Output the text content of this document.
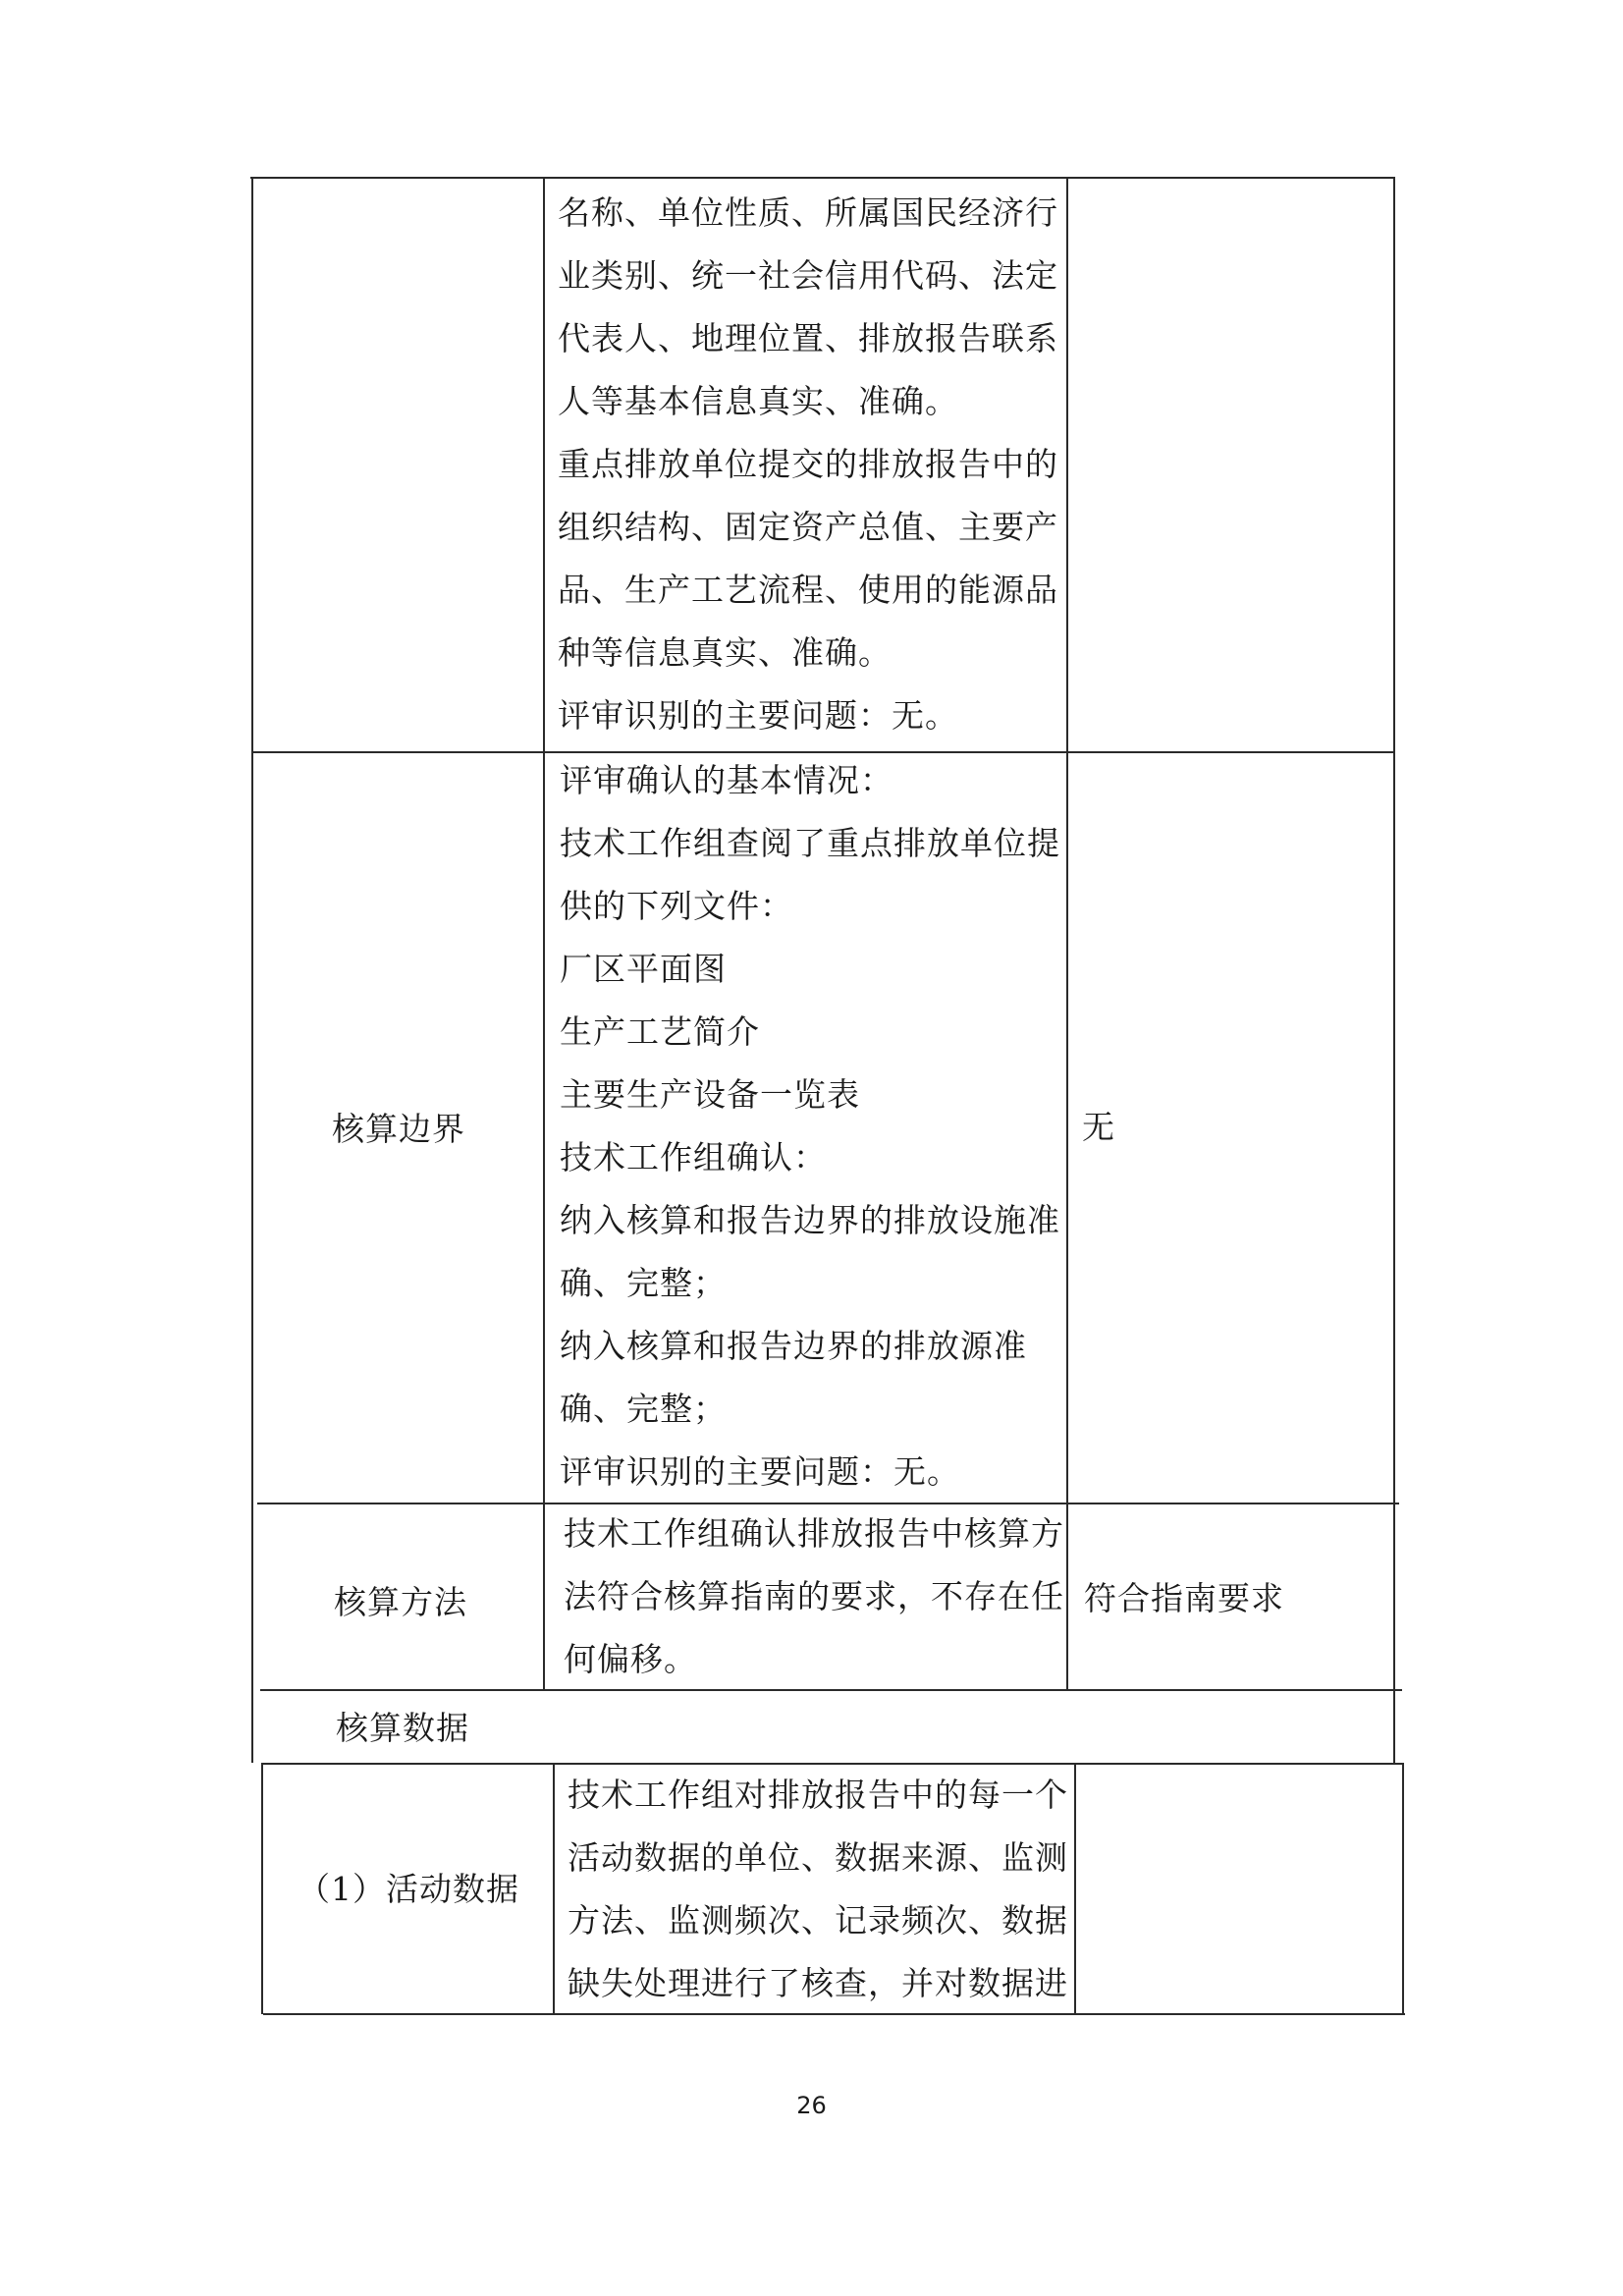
名称、单位性质、所属国民经济行
业类别、统一社会信用代码、法定
代表人、地理位置、排放报告联系
人等基本信息真实、准确。
重点排放单位提交的排放报告中的
组织结构、固定资产总值、主要产
品、生产工艺流程、使用的能源品
种等信息真实、准确。
评审识别的主要问题：无。
核算边界
评审确认的基本情况：
技术工作组查阅了重点排放单位提
供的下列文件：
厂区平面图
生产工艺简介
主要生产设备一览表
技术工作组确认：
纳入核算和报告边界的排放设施准
确、完整；
纳入核算和报告边界的排放源准
确、完整；
评审识别的主要问题：无。
无
核算方法
技术工作组确认排放报告中核算方
法符合核算指南的要求，不存在任
何偏移。
符合指南要求
核算数据
（1）活动数据
技术工作组对排放报告中的每一个
活动数据的单位、数据来源、监测
方法、监测频次、记录频次、数据
缺失处理进行了核查，并对数据进
26
